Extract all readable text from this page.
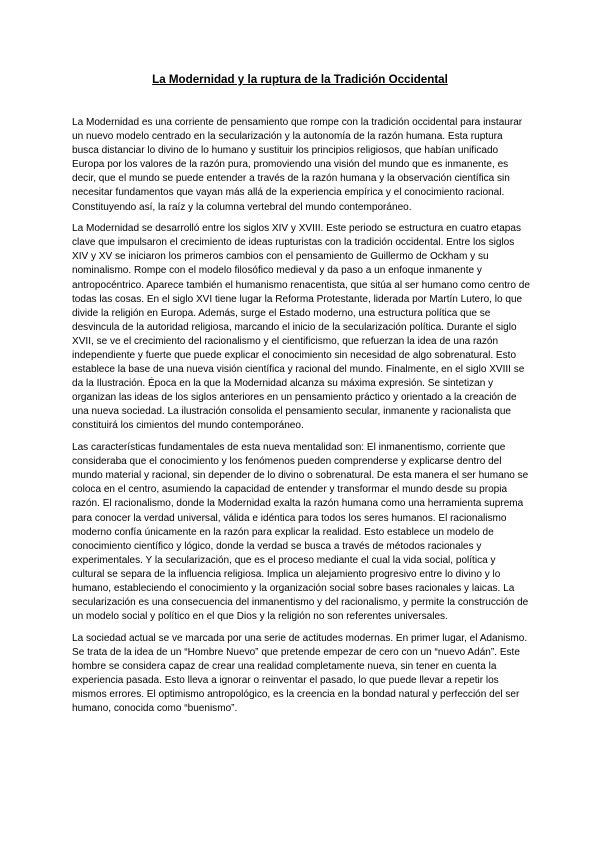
La Modernidad y la ruptura de la Tradición Occidental

La Modernidad es una corriente de pensamiento que rompe con la tradición occidental para instaurar un nuevo modelo centrado en la secularización y la autonomía de la razón humana. Esta ruptura busca distanciar lo divino de lo humano y sustituir los principios religiosos, que habían unificado Europa por los valores de la razón pura, promoviendo una visión del mundo que es inmanente, es decir, que el mundo se puede entender a través de la razón humana y la observación científica sin necesitar fundamentos que vayan más allá de la experiencia empírica y el conocimiento racional. Constituyendo así, la raíz y la columna vertebral del mundo contemporáneo.

La Modernidad se desarrolló entre los siglos XIV y XVIII. Este periodo se estructura en cuatro etapas clave que impulsaron el crecimiento de ideas rupturistas con la tradición occidental. Entre los siglos XIV y XV se iniciaron los primeros cambios con el pensamiento de Guillermo de Ockham y su nominalismo. Rompe con el modelo filosófico medieval y da paso a un enfoque inmanente y antropocéntrico. Aparece también el humanismo renacentista, que sitúa al ser humano como centro de todas las cosas. En el siglo XVI tiene lugar la Reforma Protestante, liderada por Martín Lutero, lo que divide la religión en Europa. Además, surge el Estado moderno, una estructura política que se desvincula de la autoridad religiosa, marcando el inicio de la secularización política. Durante el siglo XVII, se ve el crecimiento del racionalismo y el cientificismo, que refuerzan la idea de una razón independiente y fuerte que puede explicar el conocimiento sin necesidad de algo sobrenatural. Esto establece la base de una nueva visión científica y racional del mundo. Finalmente, en el siglo XVIII se da la Ilustración. Época en la que la Modernidad alcanza su máxima expresión. Se sintetizan y organizan las ideas de los siglos anteriores en un pensamiento práctico y orientado a la creación de una nueva sociedad. La ilustración consolida el pensamiento secular, inmanente y racionalista que constituirá los cimientos del mundo contemporáneo.

Las características fundamentales de esta nueva mentalidad son: El inmanentismo, corriente que consideraba que el conocimiento y los fenómenos pueden comprenderse y explicarse dentro del mundo material y racional, sin depender de lo divino o sobrenatural. De esta manera el ser humano se coloca en el centro, asumiendo la capacidad de entender y transformar el mundo desde su propia razón. El racionalismo, donde la Modernidad exalta la razón humana como una herramienta suprema para conocer la verdad universal, válida e idéntica para todos los seres humanos. El racionalismo moderno confía únicamente en la razón para explicar la realidad. Esto establece un modelo de conocimiento científico y lógico, donde la verdad se busca a través de métodos racionales y experimentales. Y la secularización, que es el proceso mediante el cual la vida social, política y cultural se separa de la influencia religiosa. Implica un alejamiento progresivo entre lo divino y lo humano, estableciendo el conocimiento y la organización social sobre bases racionales y laicas. La secularización es una consecuencia del inmanentismo y del racionalismo, y permite la construcción de un modelo social y político en el que Dios y la religión no son referentes universales.

La sociedad actual se ve marcada por una serie de actitudes modernas. En primer lugar, el Adanismo. Se trata de la idea de un “Hombre Nuevo” que pretende empezar de cero con un “nuevo Adán”. Este hombre se considera capaz de crear una realidad completamente nueva, sin tener en cuenta la experiencia pasada. Esto lleva a ignorar o reinventar el pasado, lo que puede llevar a repetir los mismos errores. El optimismo antropológico, es la creencia en la bondad natural y perfección del ser humano, conocida como “buenismo”.
